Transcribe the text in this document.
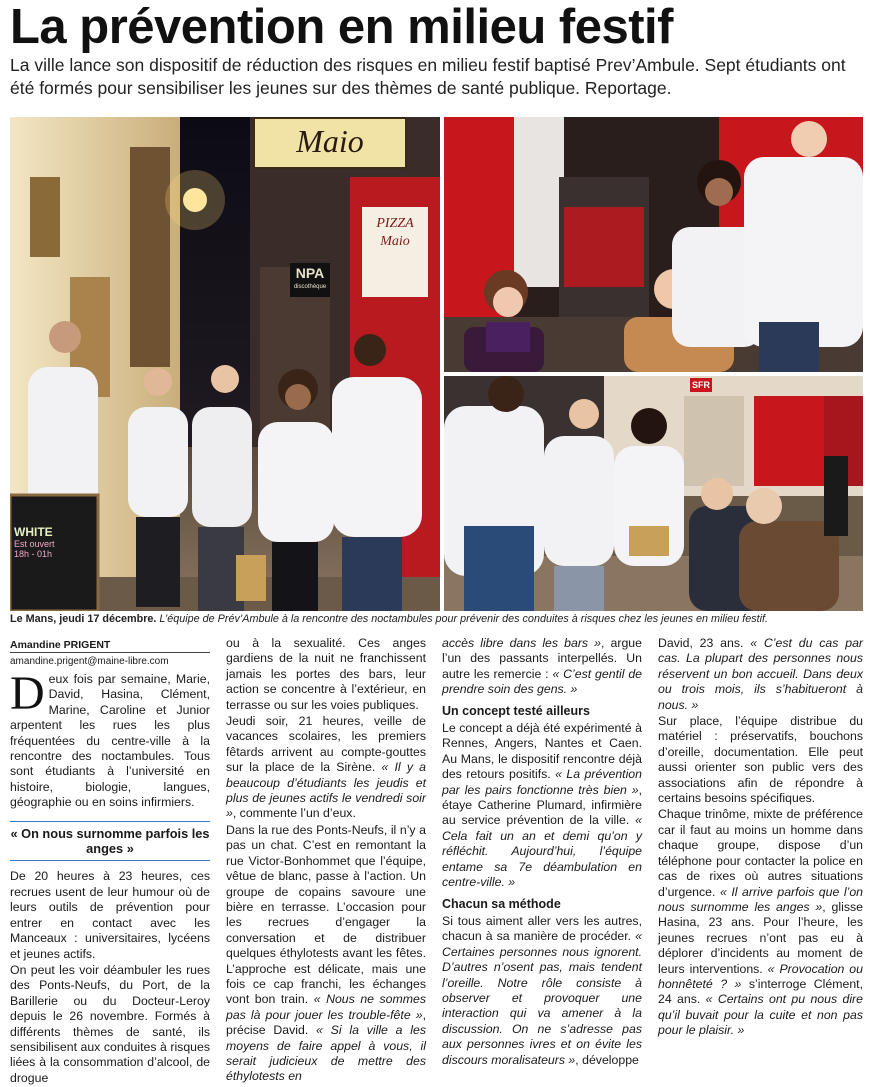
La prévention en milieu festif

La ville lance son dispositif de réduction des risques en milieu festif baptisé Prev’Ambule. Sept étudiants ont été formés pour sensibiliser les jeunes sur des thèmes de santé publique. Reportage.

Maio
PIZZA Maio
NPA
discothèque
WHITE
Est ouvert
18h - 01h
SFR
Le Mans, jeudi 17 décembre. L’équipe de Prév’Ambule à la rencontre des noctambules pour prévenir des conduites à risques chez les jeunes en milieu festif.
Amandine PRIGENT
amandine.prigent@maine-libre.com

Deux fois par semaine, Marie, David, Hasina, Clément, Marine, Caroline et Junior arpentent les rues les plus fréquentées du centre-ville à la rencontre des noctambules. Tous sont étudiants à l’université en histoire, biologie, langues, géographie ou en soins infirmiers.

« On nous surnomme parfois les anges »

De 20 heures à 23 heures, ces recrues usent de leur humour où de leurs outils de prévention pour entrer en contact avec les Manceaux : universitaires, lycéens et jeunes actifs.

On peut les voir déambuler les rues des Ponts-Neufs, du Port, de la Barillerie ou du Docteur-Leroy depuis le 26 novembre. Formés à différents thèmes de santé, ils sensibilisent aux conduites à risques liées à la consommation d’alcool, de drogue

ou à la sexualité. Ces anges gardiens de la nuit ne franchissent jamais les portes des bars, leur action se concentre à l’extérieur, en terrasse ou sur les voies publiques.

Jeudi soir, 21 heures, veille de vacances scolaires, les premiers fêtards arrivent au compte-gouttes sur la place de la Sirène. « Il y a beaucoup d’étudiants les jeudis et plus de jeunes actifs le vendredi soir », commente l’un d’eux.

Dans la rue des Ponts-Neufs, il n’y a pas un chat. C’est en remontant la rue Victor-Bonhommet que l’équipe, vêtue de blanc, passe à l’action. Un groupe de copains savoure une bière en terrasse. L’occasion pour les recrues d’engager la conversation et de distribuer quelques éthylotests avant les fêtes. L’approche est délicate, mais une fois ce cap franchi, les échanges vont bon train. « Nous ne sommes pas là pour jouer les trouble-fête », précise David. « Si la ville a les moyens de faire appel à vous, il serait judicieux de mettre des éthylotests en

accès libre dans les bars », argue l’un des passants interpellés. Un autre les remercie : « C’est gentil de prendre soin des gens. »

Un concept testé ailleurs

Le concept a déjà été expérimenté à Rennes, Angers, Nantes et Caen. Au Mans, le dispositif rencontre déjà des retours positifs. « La prévention par les pairs fonctionne très bien », étaye Catherine Plumard, infirmière au service prévention de la ville. « Cela fait un an et demi qu’on y réfléchit. Aujourd’hui, l’équipe entame sa 7e déambulation en centre-ville. »

Chacun sa méthode

Si tous aiment aller vers les autres, chacun à sa manière de procéder. « Certaines personnes nous ignorent. D’autres n’osent pas, mais tendent l’oreille. Notre rôle consiste à observer et provoquer une interaction qui va amener à la discussion. On ne s’adresse pas aux personnes ivres et on évite les discours moralisateurs », développe

David, 23 ans. « C’est du cas par cas. La plupart des personnes nous réservent un bon accueil. Dans deux ou trois mois, ils s’habitueront à nous. »

Sur place, l’équipe distribue du matériel : préservatifs, bouchons d’oreille, documentation. Elle peut aussi orienter son public vers des associations afin de répondre à certains besoins spécifiques.

Chaque trinôme, mixte de préférence car il faut au moins un homme dans chaque groupe, dispose d’un téléphone pour contacter la police en cas de rixes où autres situations d’urgence. « Il arrive parfois que l’on nous surnomme les anges », glisse Hasina, 23 ans. Pour l’heure, les jeunes recrues n’ont pas eu à déplorer d’incidents au moment de leurs interventions. « Provocation ou honnêteté ? » s’interroge Clément, 24 ans. « Certains ont pu nous dire qu’il buvait pour la cuite et non pas pour le plaisir. »
